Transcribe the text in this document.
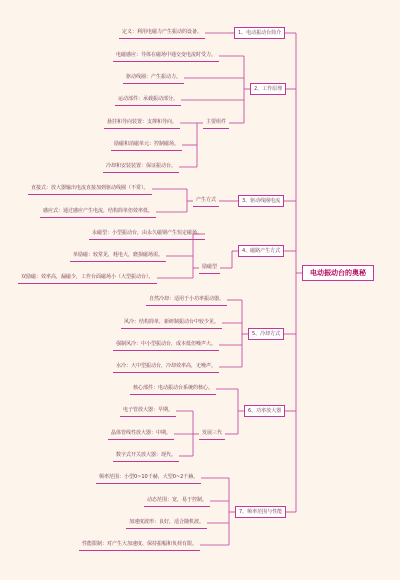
电动振动台的奥秘
1、电动振动台简介
定义：利用电磁力产生振动的设备。
2、工作原理
电磁感应：导体在磁场中通交变电流时受力。
驱动线圈：产生振动力。
运动部件：承载振动部分。
主要组件
悬挂和导向装置：支撑和导向。
励磁和消磁单元：控制磁场。
冷却和安装装置：保证振动台。
3、驱动线圈电流
产生方式
直接式：放大器输出电流直接加到驱动线圈（不常）。
感应式：通过感应产生电流，结构简单但效率低。
4、磁路产生方式
励磁型
永磁型：小型振动台，由永久磁钢产生恒定磁场。
单励磁：较常见，耗电大，磨损磁场需。
双励磁：效率高，漏磁少，工作台面磁场小（大型振动台）。
5、冷却方式
自然冷却：适用于小功率振动器。
风冷：结构简单，新研制振动台中较少见。
强制风冷：中小型振动台，成本低但噪声大。
水冷：大中型振动台，冷却效率高，无噪声。
6、功率放大器
核心部件：电动振动台系统的核心。
发展三代
电子管放大器：早期。
晶体管线性放大器：中期。
数字式开关放大器：现代。
7、频率范围与性能
频率范围：小型0~10千赫，大型0~2千赫。
动态范围：宽，易于控制。
加速度波形：良好，适合随机波。
性能限制：对产生大加速度、保持振幅和负荷有限。
